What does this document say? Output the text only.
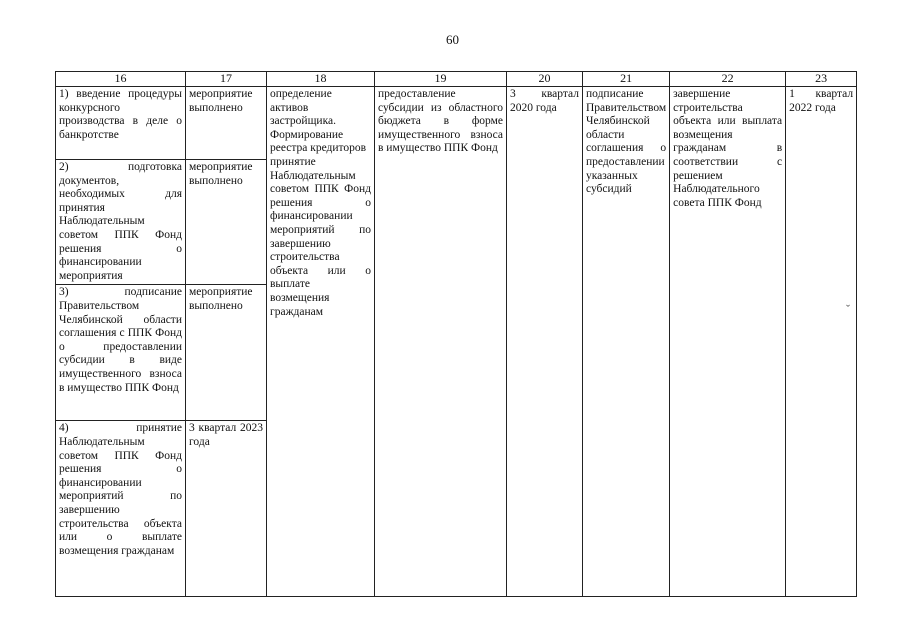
60
16	17	18	19	20	21	22	23

1) введение процедуры конкурсного производства в деле о банкротстве	мероприятие выполнено	определение активов застройщика. Формирование реестра кредиторов
принятие Наблюдательным советом ППК Фонд решения о финансировании мероприятий по завершению строительства объекта или о выплате возмещения гражданам	предоставление субсидии из областного бюджета в форме имущественного взноса в имущество ППК Фонд	3 квартал 2020 года	подписание Правительством Челябинской области соглашения о предоставлении указанных субсидий	завершение строительства объекта или выплата возмещения гражданам в соответствии с решением Наблюдательного совета ППК Фонд	1 квартал 2022 года

2) подготовка документов, необходимых для принятия Наблюдательным советом ППК Фонд решения о финансировании мероприятия	мероприятие выполнено						

3) подписание Правительством Челябинской области соглашения с ППК Фонд о предоставлении субсидии в виде имущественного взноса в имущество ППК Фонд	мероприятие выполнено						

4) принятие Наблюдательным советом ППК Фонд решения о финансировании мероприятий по завершению строительства объекта или о выплате возмещения гражданам	3 квартал 2023 года						
ˇ
